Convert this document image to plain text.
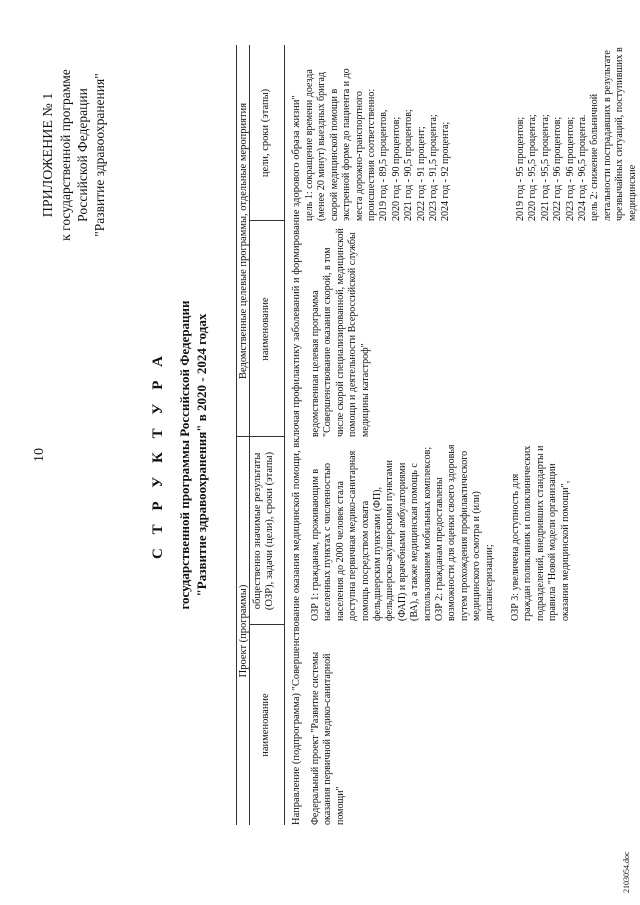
10
ПРИЛОЖЕНИЕ № 1 к государственной программе Российской Федерации "Развитие здравоохранения"
С Т Р У К Т У Р А государственной программы Российской Федерации "Развитие здравоохранения" в 2020 - 2024 годах
Проект (программы)
Ведомственные целевые программы, отдельные мероприятия
наименование
общественно значимые результаты (ОЗР), задачи (цели), сроки (этапы)
наименование
цели, сроки (этапы) Направление (подпрограмма) "Совершенствование оказания медицинской помощи, включая профилактику заболеваний и формирование здорового образа жизни" Федеральный проект "Развитие системы оказания первичной медико-санитарной помощи"
ОЗР 1: гражданам, проживающим в населенных пунктах с численностью населения до 2000 человек стала доступна первичная медико-санитарная помощь посредством охвата фельдшерским пунктами (ФП), фельдшерско-акушерскими пунктами (ФАП) и врачебными амбулаториями (ВА), а также медицинская помощь с использованием мобильных комплексов; ОЗР 2: гражданам предоставлены возможности для оценки своего здоровья путем прохождения профилактического медицинского осмотра и (или) диспансеризации; ОЗР 3: увеличена доступность для граждан поликлиник и поликлинических подразделений, внедривших стандарты и правила "Новой модели организации оказания медицинской помощи",
ведомственная целевая программа "Совершенствование оказания скорой, в том числе скорой специализированной, медицинской помощи и деятельности Всероссийской службы медицины катастроф"
цель 1: сокращение времени доезда (менее 20 минут) выездных бригад скорой медицинской помощи в экстренной форме до пациента и до места дорожно-транспортного происшествия соответственно: 2019 год - 89,5 процентов, 2020 год - 90 процентов; 2021 год - 90,5 процентов; 2022 год - 91 процент; 2023 год - 91,5 процента; 2024 год - 92 процента;	2019 год - 95 процентов; 2020 год - 95,5 процента; 2021 год - 95,5 процента; 2022 год - 96 процентов; 2023 год - 96 процентов; 2024 год - 96,5 процента. цель 2: снижение больничной летальности пострадавших в результате чрезвычайных ситуаций, поступивших в медицинские
2103054.doc
